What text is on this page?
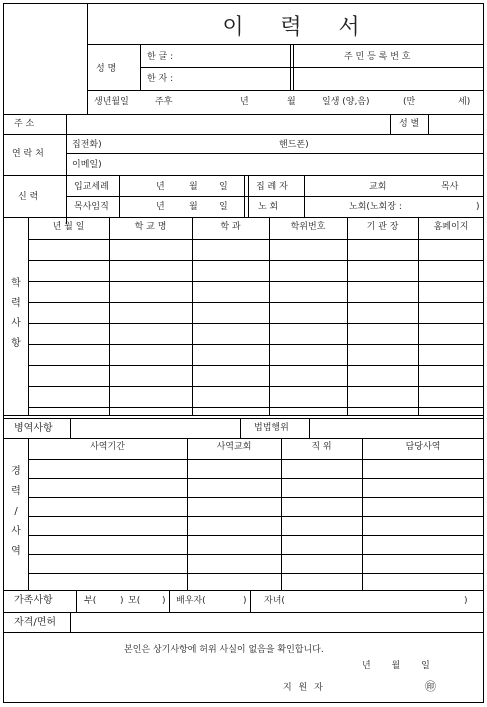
이 력 서
성 명
한 글 :
한 자 :
주 민 등 록 번 호
생년월일	주후	년	월	일생 (양,음)	(만	세)
주 소	성 별
연 락 처
집전화)	핸드폰)
이메일)
신 력
입교세례	년	월 일	집 례 자	교회	목사
목사임직	년	월 일	노 회	노회(노회장 :	)
학
력
사
항
년 월 일	학 교 명	학 과	학위번호	기 관 장	홈페이지
병역사항	법법행위
경
력
/
사
역
사역기간	사역교회	직 위	담당사역
가족사항	부(	) 모( ) 배우자(	) 자녀(	)
자격/면허
본인은 상기사항에 허위 사실이 없음을 확인합니다.
년 월 일
지 원 자	㊞
